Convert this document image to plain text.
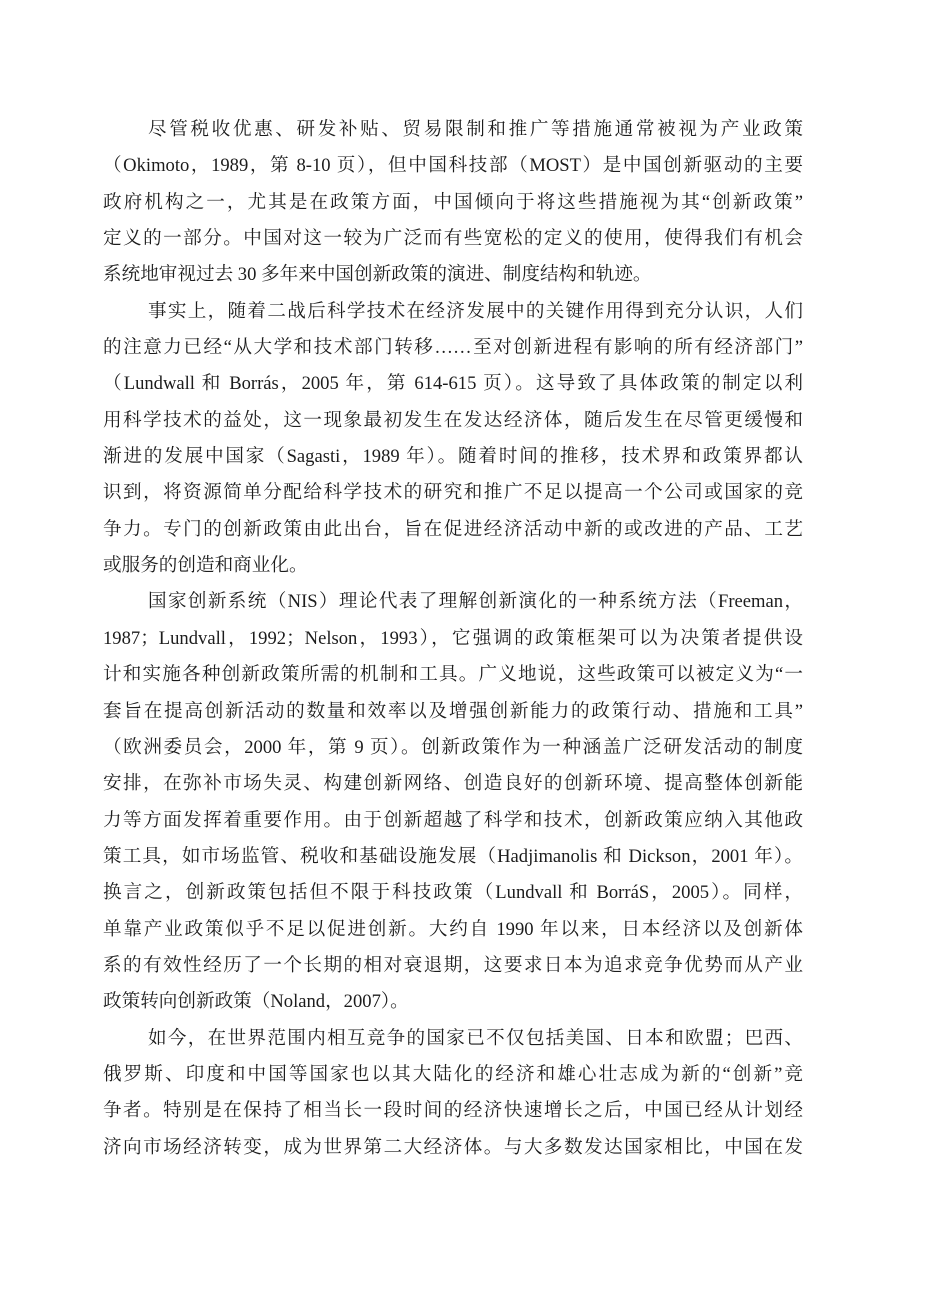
尽管税收优惠、研发补贴、贸易限制和推广等措施通常被视为产业政策
（Okimoto，1989，第 8-10 页），但中国科技部（MOST）是中国创新驱动的主要
政府机构之一，尤其是在政策方面，中国倾向于将这些措施视为其“创新政策”
定义的一部分。中国对这一较为广泛而有些宽松的定义的使用，使得我们有机会
系统地审视过去 30 多年来中国创新政策的演进、制度结构和轨迹。
事实上，随着二战后科学技术在经济发展中的关键作用得到充分认识，人们
的注意力已经“从大学和技术部门转移……至对创新进程有影响的所有经济部门”
（Lundwall 和 Borrás，2005 年，第 614-615 页）。这导致了具体政策的制定以利
用科学技术的益处，这一现象最初发生在发达经济体，随后发生在尽管更缓慢和
渐进的发展中国家（Sagasti，1989 年）。随着时间的推移，技术界和政策界都认
识到，将资源简单分配给科学技术的研究和推广不足以提高一个公司或国家的竞
争力。专门的创新政策由此出台，旨在促进经济活动中新的或改进的产品、工艺
或服务的创造和商业化。
国家创新系统（NIS）理论代表了理解创新演化的一种系统方法（Freeman，
1987；Lundvall，1992；Nelson，1993），它强调的政策框架可以为决策者提供设
计和实施各种创新政策所需的机制和工具。广义地说，这些政策可以被定义为“一
套旨在提高创新活动的数量和效率以及增强创新能力的政策行动、措施和工具”
（欧洲委员会，2000 年，第 9 页）。创新政策作为一种涵盖广泛研发活动的制度
安排，在弥补市场失灵、构建创新网络、创造良好的创新环境、提高整体创新能
力等方面发挥着重要作用。由于创新超越了科学和技术，创新政策应纳入其他政
策工具，如市场监管、税收和基础设施发展（Hadjimanolis 和 Dickson，2001 年）。
换言之，创新政策包括但不限于科技政策（Lundvall 和 BorráS，2005）。同样，
单靠产业政策似乎不足以促进创新。大约自 1990 年以来，日本经济以及创新体
系的有效性经历了一个长期的相对衰退期，这要求日本为追求竞争优势而从产业
政策转向创新政策（Noland，2007）。
如今，在世界范围内相互竞争的国家已不仅包括美国、日本和欧盟；巴西、
俄罗斯、印度和中国等国家也以其大陆化的经济和雄心壮志成为新的“创新”竞
争者。特别是在保持了相当长一段时间的经济快速增长之后，中国已经从计划经
济向市场经济转变，成为世界第二大经济体。与大多数发达国家相比，中国在发
